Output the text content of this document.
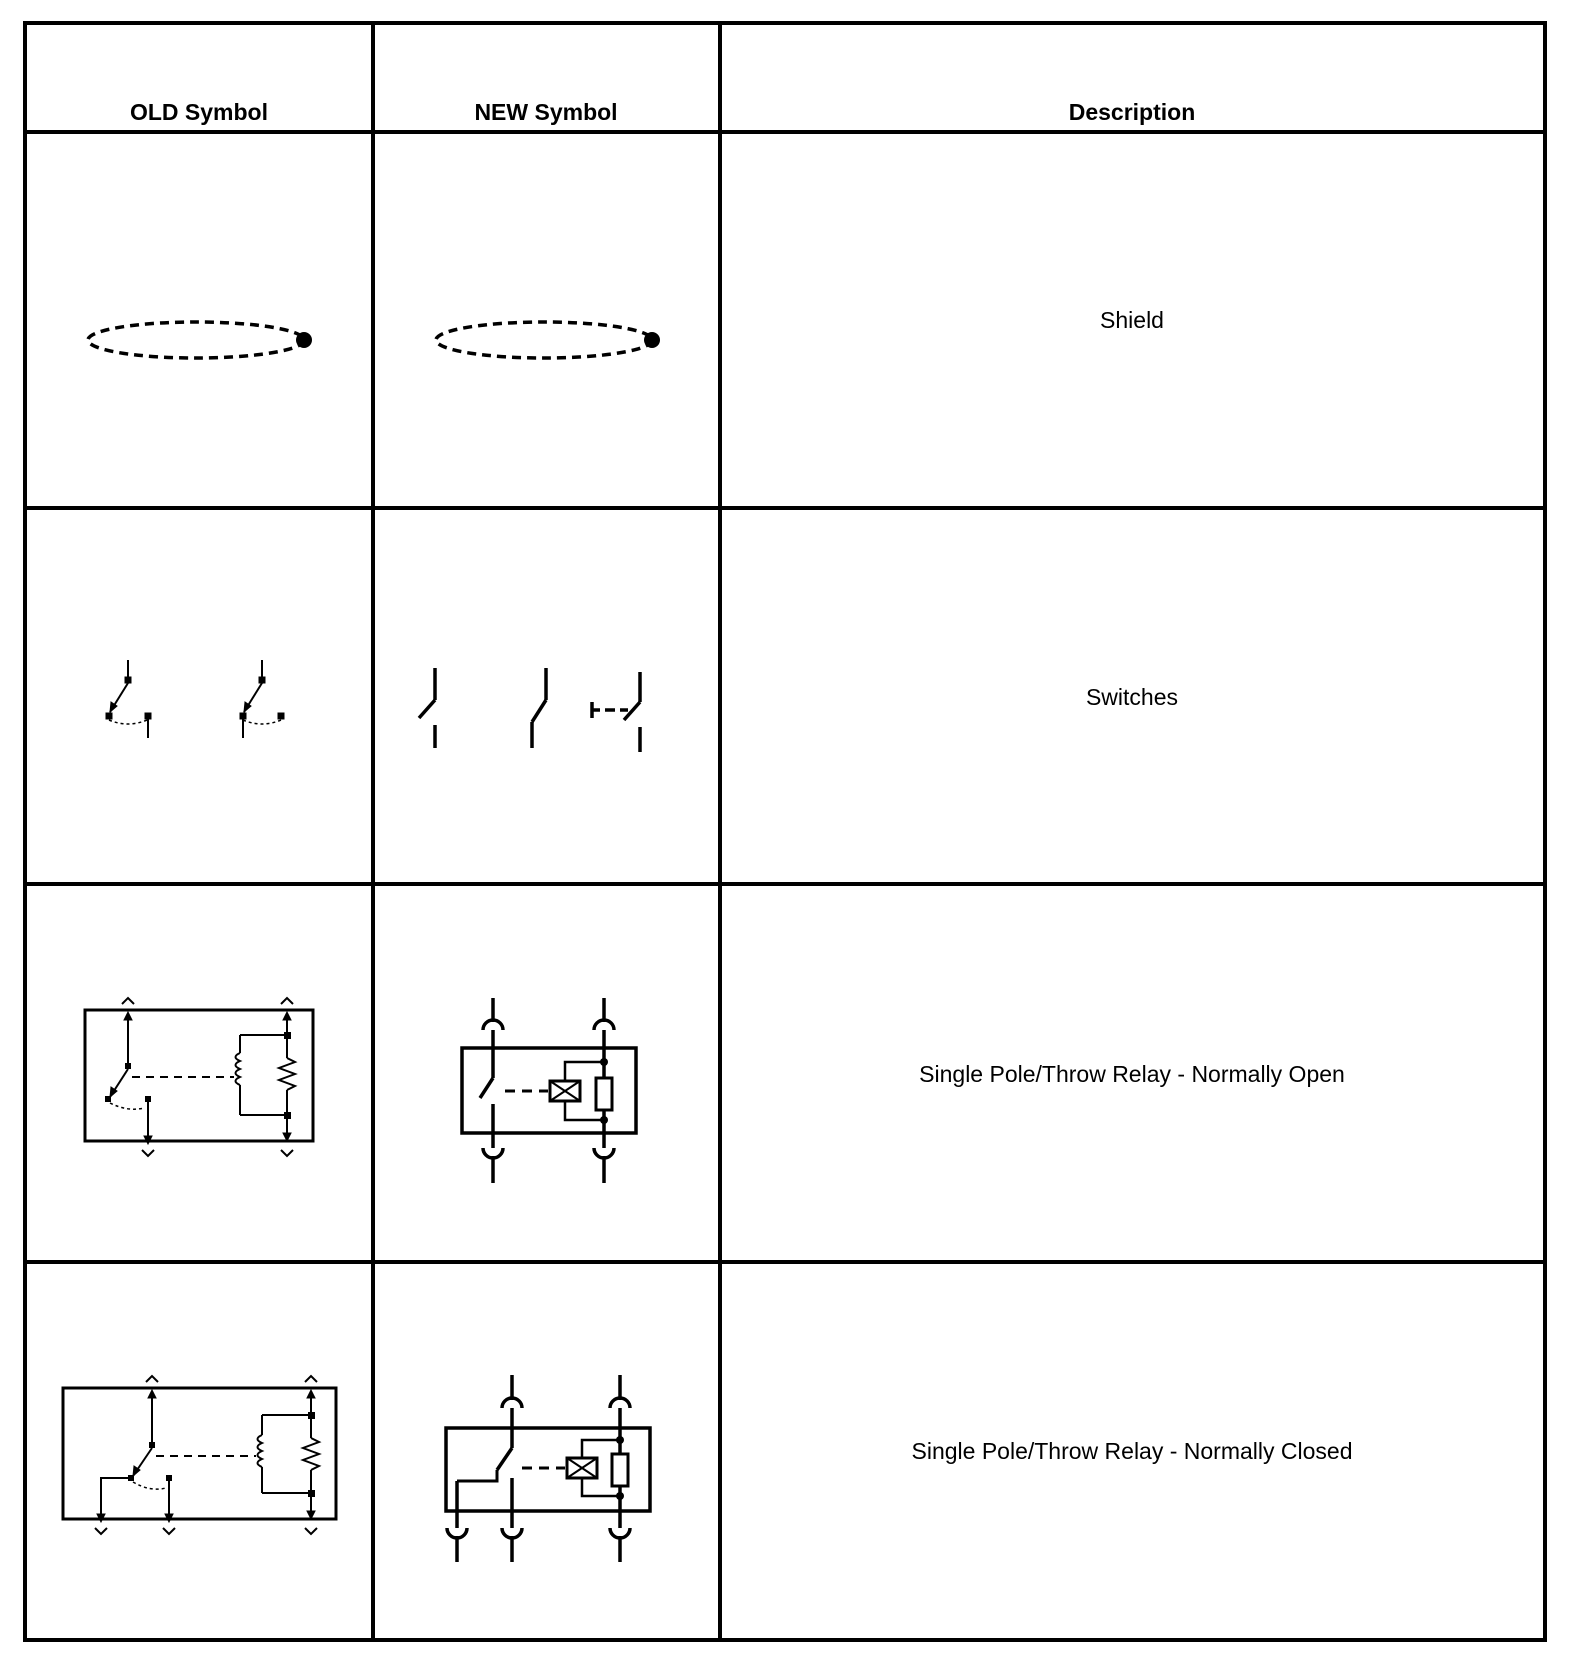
OLD Symbol	NEW Symbol	Description
Shield
Switches
Single Pole/Throw Relay - Normally Open
Single Pole/Throw Relay - Normally Closed
